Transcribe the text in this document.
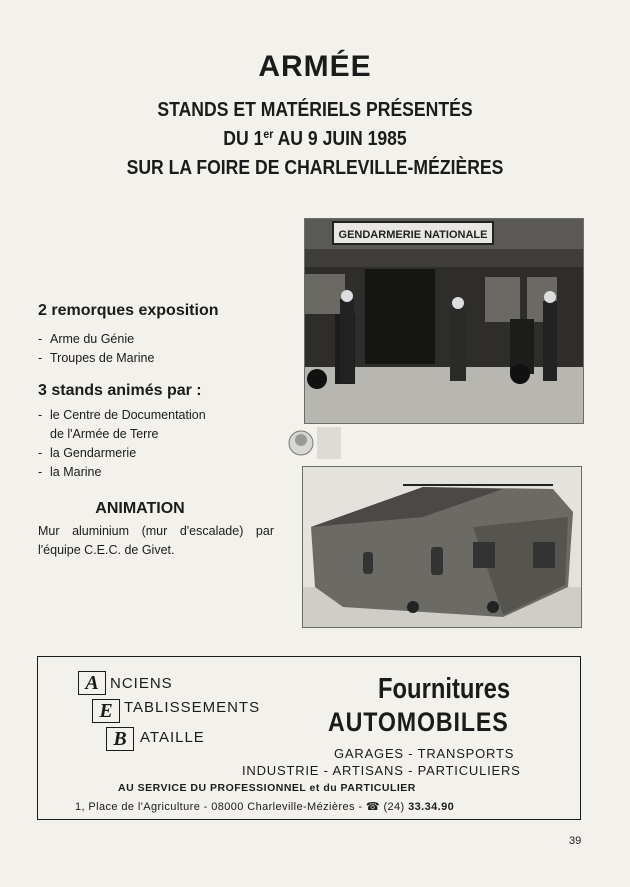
ARMÉE
STANDS ET MATÉRIELS PRÉSENTÉS
DU 1er AU 9 JUIN 1985
SUR LA FOIRE DE CHARLEVILLE-MÉZIÈRES
GENDARMERIE NATIONALE
2 remorques exposition
- Arme du Génie
- Troupes de Marine
3 stands animés par :
- le Centre de Documentation
de l'Armée de Terre
- la Gendarmerie
- la Marine
ANIMATION
Mur aluminium (mur d'escalade) par l'équipe C.E.C. de Givet.
A NCIENS
E TABLISSEMENTS
B ATAILLE
Fournitures
AUTOMOBILES
GARAGES - TRANSPORTS
INDUSTRIE - ARTISANS - PARTICULIERS
AU SERVICE DU PROFESSIONNEL et du PARTICULIER
1, Place de l'Agriculture - 08000 Charleville-Mézières - ☎ (24) 33.34.90
39
